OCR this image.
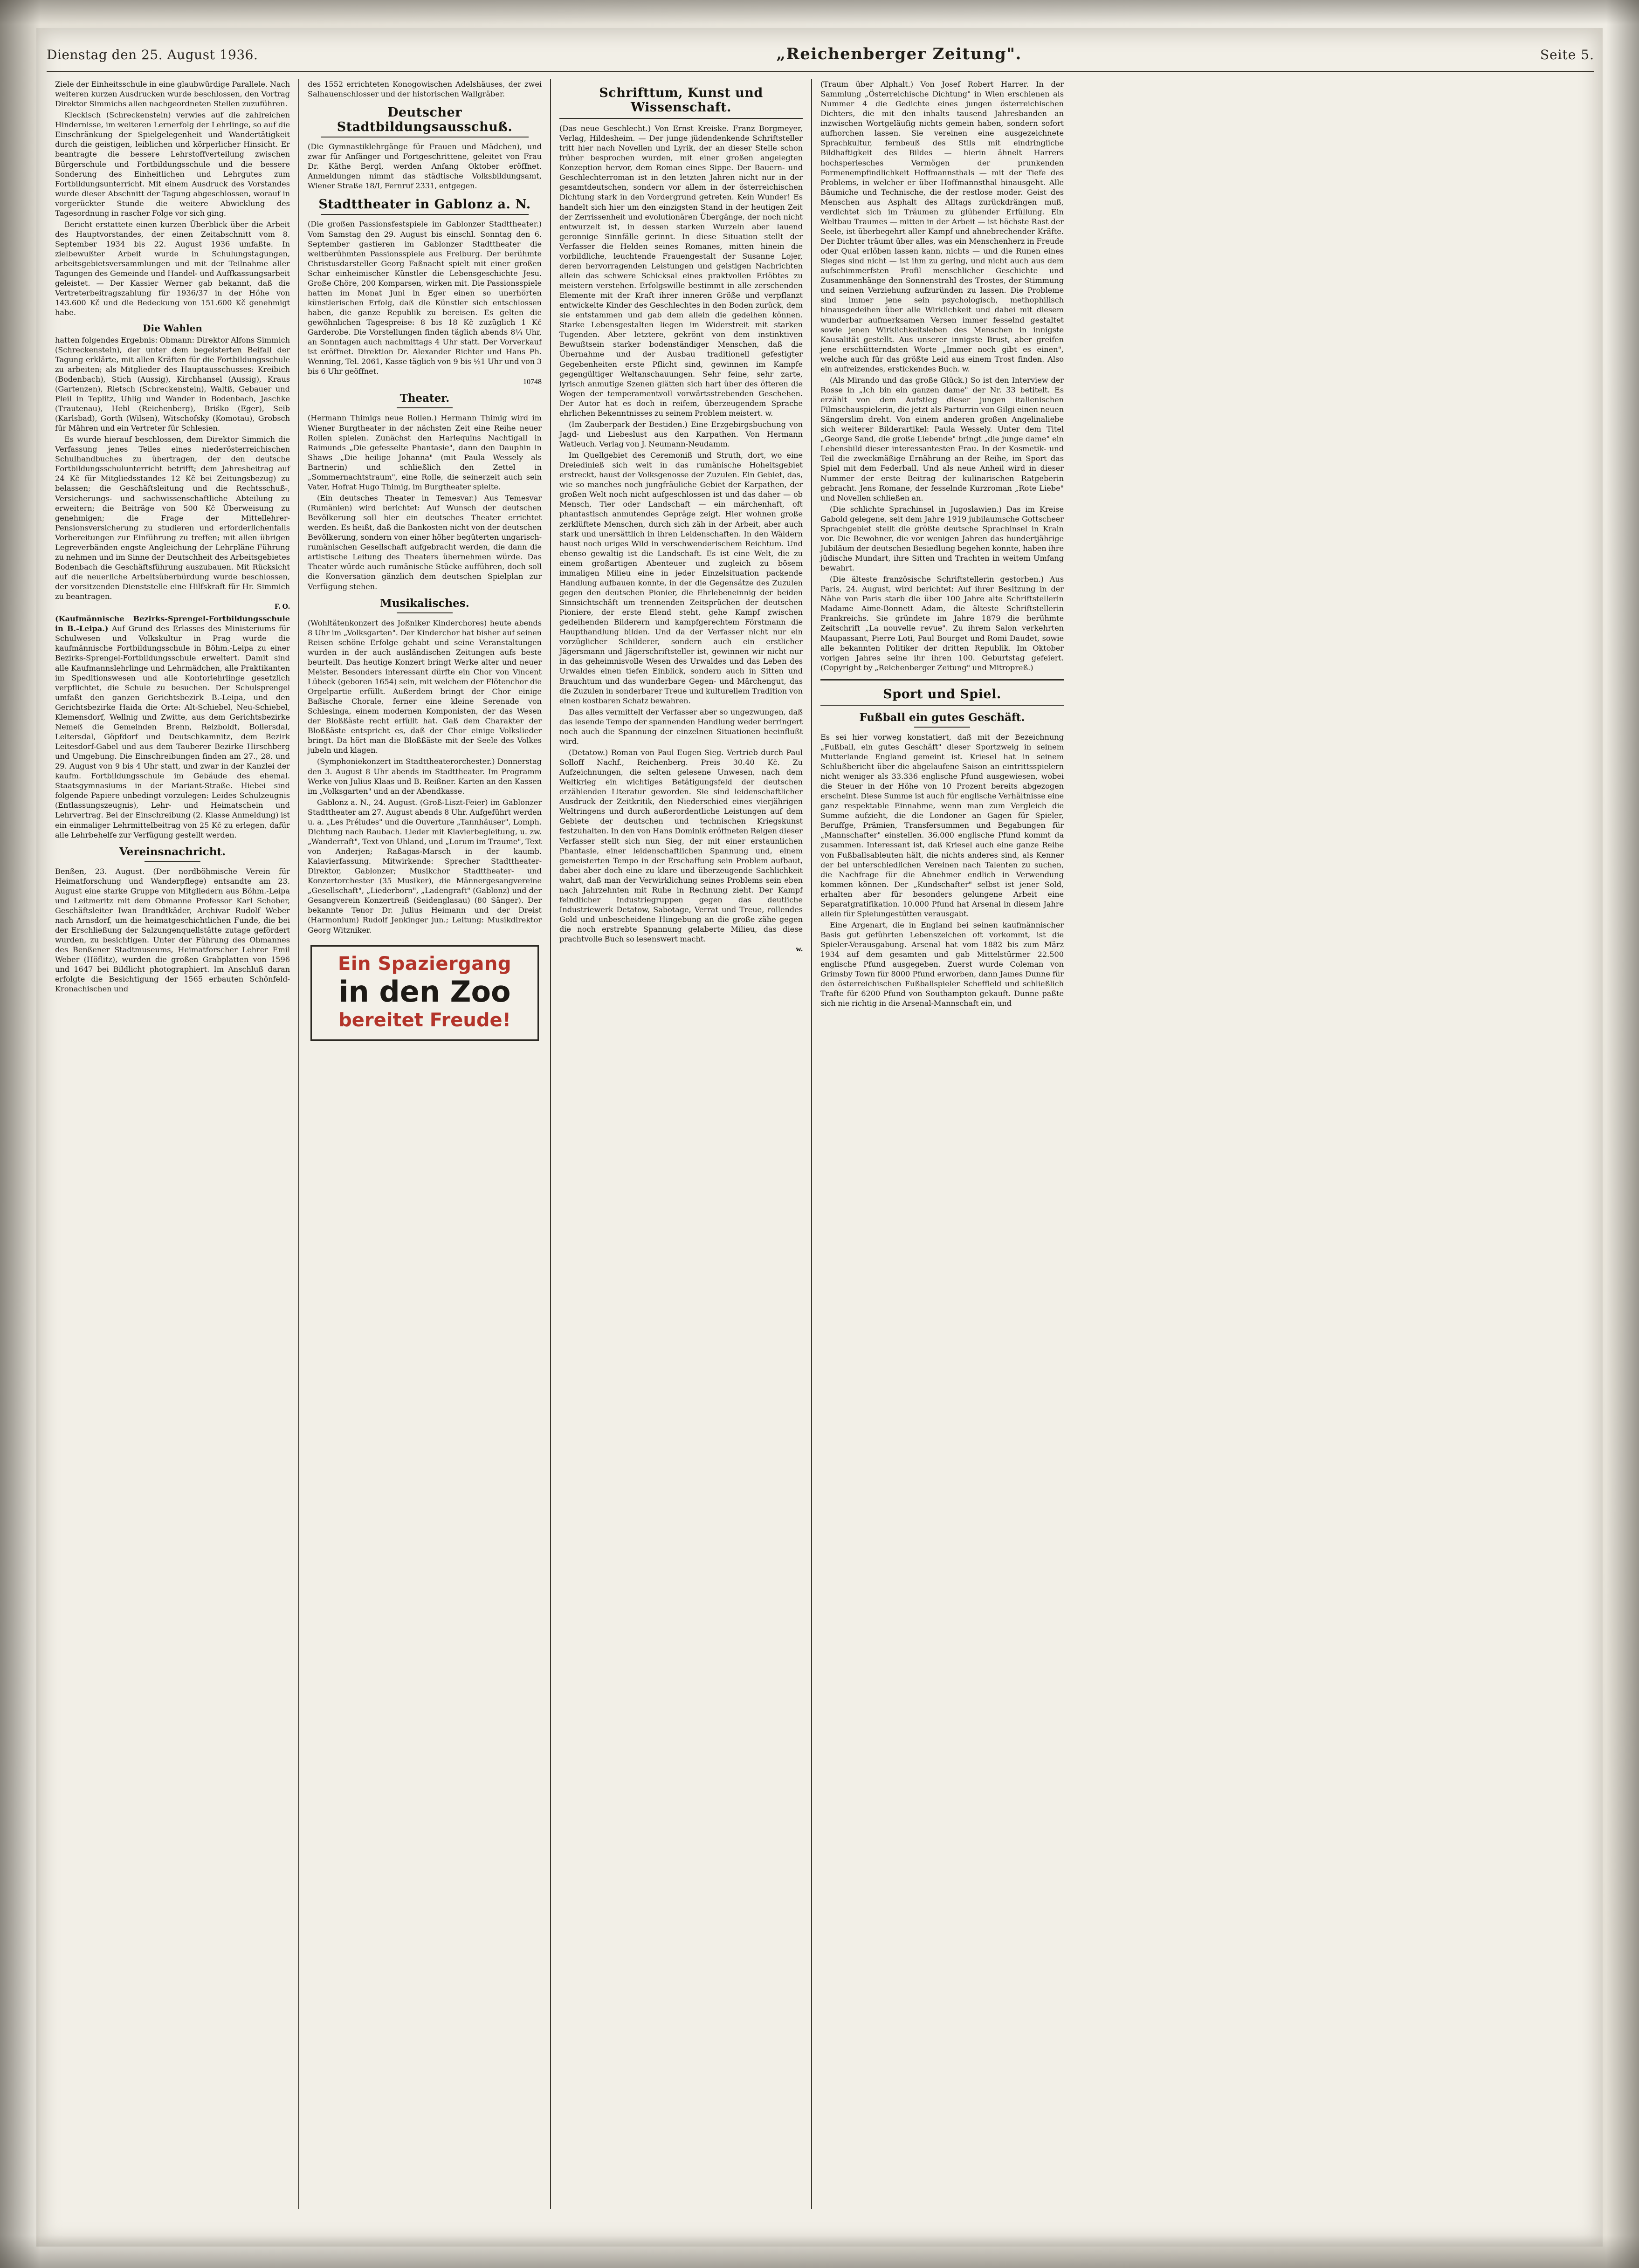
Dienstag den 25. August 1936.	„Reichenberger Zeitung".	Seite 5.

Ziele der Einheitsschule in eine glaubwürdige Parallele. Nach weiteren kurzen Ausdrucken wurde beschlossen, den Vortrag Direktor Simmichs allen nachgeordneten Stellen zuzuführen.

Kleckisch (Schreckenstein) verwies auf die zahlreichen Hindernisse, im weiteren Lernerfolg der Lehrlinge, so auf die Einschränkung der Spielgelegenheit und Wandertätigkeit durch die geistigen, leiblichen und körperlicher Hinsicht. Er beantragte die bessere Lehrstoffverteilung zwischen Bürgerschule und Fortbildungsschule und die bessere Sonderung des Einheitlichen und Lehrgutes zum Fortbildungsunterricht. Mit einem Ausdruck des Vorstandes wurde dieser Abschnitt der Tagung abgeschlossen, worauf in vorgerückter Stunde die weitere Abwicklung des Tagesordnung in rascher Folge vor sich ging.

Bericht erstattete einen kurzen Überblick über die Arbeit des Hauptvorstandes, der einen Zeitabschnitt vom 8. September 1934 bis 22. August 1936 umfaßte. In zielbewußter Arbeit wurde in Schulungstagungen, arbeitsgebietsversammlungen und mit der Teilnahme aller Tagungen des Gemeinde und Handel- und Auffkassungsarbeit geleistet. — Der Kassier Werner gab bekannt, daß die Vertreterbeitragszahlung für 1936/37 in der Höhe von 143.600 Kč und die Bedeckung von 151.600 Kč genehmigt habe.

Die Wahlen

hatten folgendes Ergebnis: Obmann: Direktor Alfons Simmich (Schreckenstein), der unter dem begeisterten Beifall der Tagung erklärte, mit allen Kräften für die Fortbildungsschule zu arbeiten; als Mitglieder des Hauptausschusses: Kreibich (Bodenbach), Stich (Aussig), Kirchhansel (Aussig), Kraus (Gartenzen), Rietsch (Schreckenstein), Waltß, Gebauer und Pleil in Teplitz, Uhlig und Wander in Bodenbach, Jaschke (Trautenau), Hebl (Reichenberg), Briśko (Eger), Seib (Karlsbad), Gorth (Wilsen), Witschofsky (Komotau), Grobsch für Mähren und ein Vertreter für Schlesien.

Es wurde hierauf beschlossen, dem Direktor Simmich die Verfassung jenes Teiles eines niederösterreichischen Schulhandbuches zu übertragen, der den deutsche Fortbildungsschulunterricht betrifft; dem Jahresbeitrag auf 24 Kč für Mitgliedsstandes 12 Kč bei Zeitungsbezug) zu belassen; die Geschäftsleitung und die Rechtsschuß-, Versicherungs- und sachwissenschaftliche Abteilung zu erweitern; die Beiträge von 500 Kč Überweisung zu genehmigen; die Frage der Mittellehrer-Pensionsversicherung zu studieren und erforderlichenfalls Vorbereitungen zur Einführung zu treffen; mit allen übrigen Legreverbänden engste Angleichung der Lehrpläne Führung zu nehmen und im Sinne der Deutschheit des Arbeitsgebietes Bodenbach die Geschäftsführung auszubauen. Mit Rücksicht auf die neuerliche Arbeitsüberbürdung wurde beschlossen, der vorsitzenden Dienststelle eine Hilfskraft für Hr. Simmich zu beantragen.

F. O.

(Kaufmännische Bezirks-Sprengel-Fortbildungsschule in B.-Leipa.) Auf Grund des Erlasses des Ministeriums für Schulwesen und Volkskultur in Prag wurde die kaufmännische Fortbildungsschule in Böhm.-Leipa zu einer Bezirks-Sprengel-Fortbildungsschule erweitert. Damit sind alle Kaufmannslehrlinge und Lehrmädchen, alle Praktikanten im Speditionswesen und alle Kontorlehrlinge gesetzlich verpflichtet, die Schule zu besuchen. Der Schulsprengel umfaßt den ganzen Gerichtsbezirk B.-Leipa, und den Gerichtsbezirke Haida die Orte: Alt-Schiebel, Neu-Schiebel, Klemensdorf, Wellnig und Zwitte, aus dem Gerichtsbezirke Nemeß die Gemeinden Brenn, Reizboldt, Bollersdal, Leitersdal, Göpfdorf und Deutschkamnitz, dem Bezirk Leitesdorf-Gabel und aus dem Tauberer Bezirke Hirschberg und Umgebung. Die Einschreibungen finden am 27., 28. und 29. August von 9 bis 4 Uhr statt, und zwar in der Kanzlei der kaufm. Fortbildungsschule im Gebäude des ehemal. Staatsgymnasiums in der Mariant-Straße. Hiebei sind folgende Papiere unbedingt vorzulegen: Leides Schulzeugnis (Entlassungszeugnis), Lehr- und Heimatschein und Lehrvertrag. Bei der Einschreibung (2. Klasse Anmeldung) ist ein einmaliger Lehrmittelbeitrag von 25 Kč zu erlegen, dafür alle Lehrbehelfe zur Verfügung gestellt werden.

Vereinsnachricht.

Benßen, 23. August. (Der nordböhmische Verein für Heimatforschung und Wanderpflege) entsandte am 23. August eine starke Gruppe von Mitgliedern aus Böhm.-Leipa und Leitmeritz mit dem Obmanne Professor Karl Schober, Geschäftsleiter Iwan Brandtkäder, Archivar Rudolf Weber nach Arnsdorf, um die heimatgeschichtlichen Funde, die bei der Erschließung der Salzungenquellstätte zutage gefördert wurden, zu besichtigen. Unter der Führung des Obmannes des Benßener Stadtmuseums, Heimatforscher Lehrer Emil Weber (Höflitz), wurden die großen Grabplatten von 1596 und 1647 bei Bildlicht photographiert. Im Anschluß daran erfolgte die Besichtigung der 1565 erbauten Schönfeld-Kronachischen und

des 1552 errichteten Konogowischen Adelshäuses, der zwei Salhauenschlosser und der historischen Wallgräber.

Deutscher Stadtbildungsausschuß.

(Die Gymnastiklehrgänge für Frauen und Mädchen), und zwar für Anfänger und Fortgeschrittene, geleitet von Frau Dr. Käthe Bergl, werden Anfang Oktober eröffnet. Anmeldungen nimmt das städtische Volksbildungsamt, Wiener Straße 18/I, Fernruf 2331, entgegen.

Stadttheater in Gablonz a. N.

(Die großen Passionsfestspiele im Gablonzer Stadttheater.) Vom Samstag den 29. August bis einschl. Sonntag den 6. September gastieren im Gablonzer Stadttheater die weltberühmten Passionsspiele aus Freiburg. Der berühmte Christusdarsteller Georg Faßnacht spielt mit einer großen Schar einheimischer Künstler die Lebensgeschichte Jesu. Große Chöre, 200 Komparsen, wirken mit. Die Passionsspiele hatten im Monat Juni in Eger einen so unerhörten künstlerischen Erfolg, daß die Künstler sich entschlossen haben, die ganze Republik zu bereisen. Es gelten die gewöhnlichen Tagespreise: 8 bis 18 Kč zuzüglich 1 Kč Garderobe. Die Vorstellungen finden täglich abends 8¼ Uhr, an Sonntagen auch nachmittags 4 Uhr statt. Der Vorverkauf ist eröffnet. Direktion Dr. Alexander Richter und Hans Ph. Wenning, Tel. 2061, Kasse täglich von 9 bis ½1 Uhr und von 3 bis 6 Uhr geöffnet.

10748
Theater.

(Hermann Thimigs neue Rollen.) Hermann Thimig wird im Wiener Burgtheater in der nächsten Zeit eine Reihe neuer Rollen spielen. Zunächst den Harlequins Nachtigall in Raimunds „Die gefesselte Phantasie", dann den Dauphin in Shaws „Die heilige Johanna" (mit Paula Wessely als Bartnerin) und schließlich den Zettel in „Sommernachtstraum", eine Rolle, die seinerzeit auch sein Vater, Hofrat Hugo Thimig, im Burgtheater spielte.

(Ein deutsches Theater in Temesvar.) Aus Temesvar (Rumänien) wird berichtet: Auf Wunsch der deutschen Bevölkerung soll hier ein deutsches Theater errichtet werden. Es heißt, daß die Bankosten nicht von der deutschen Bevölkerung, sondern von einer höher begüterten ungarisch-rumänischen Gesellschaft aufgebracht werden, die dann die artistische Leitung des Theaters übernehmen würde. Das Theater würde auch rumänische Stücke aufführen, doch soll die Konversation gänzlich dem deutschen Spielplan zur Verfügung stehen.

Musikalisches.

(Wohltätenkonzert des Joßniker Kinderchores) heute abends 8 Uhr im „Volksgarten". Der Kinderchor hat bisher auf seinen Reisen schöne Erfolge gehabt und seine Veranstaltungen wurden in der auch ausländischen Zeitungen aufs beste beurteilt. Das heutige Konzert bringt Werke alter und neuer Meister. Besonders interessant dürfte ein Chor von Vincent Lübeck (geboren 1654) sein, mit welchem der Flötenchor die Orgelpartie erfüllt. Außerdem bringt der Chor einige Baßische Chorale, ferner eine kleine Serenade von Schlesinga, einem modernen Komponisten, der das Wesen der Bloßßäste recht erfüllt hat. Gaß dem Charakter der Bloßßäste entspricht es, daß der Chor einige Volkslieder bringt. Da hört man die Bloßßäste mit der Seele des Volkes jubeln und klagen.

(Symphoniekonzert im Stadttheaterorchester.) Donnerstag den 3. August 8 Uhr abends im Stadttheater. Im Programm Werke von Julius Klaas und B. Reißner. Karten an den Kassen im „Volksgarten" und an der Abendkasse.

Gablonz a. N., 24. August. (Groß-Liszt-Feier) im Gablonzer Stadttheater am 27. August abends 8 Uhr. Aufgeführt werden u. a. „Les Préludes" und die Ouverture „Tannhäuser", Lomph. Dichtung nach Raubach. Lieder mit Klavierbegleitung, u. zw. „Wanderraft", Text von Uhland, und „Lorum im Traume", Text von Anderjen; Raßagas-Marsch in der kaumb. Kalavierfassung. Mitwirkende: Sprecher Stadttheater-Direktor, Gablonzer; Musikchor Stadttheater- und Konzertorchester (35 Musiker), die Männergesangvereine „Gesellschaft", „Liederborn", „Ladengraft" (Gablonz) und der Gesangverein Konzertreiß (Seidenglasau) (80 Sänger). Der bekannte Tenor Dr. Julius Heimann und der Dreist (Harmonium) Rudolf Jenkinger jun.; Leitung: Musikdirektor Georg Witzniker.

Ein Spaziergang
in den Zoo
bereitet Freude!
Schrifttum, Kunst und Wissenschaft.

(Das neue Geschlecht.) Von Ernst Kreiske. Franz Borgmeyer, Verlag, Hildesheim. — Der junge jüdendenkende Schriftsteller tritt hier nach Novellen und Lyrik, der an dieser Stelle schon früher besprochen wurden, mit einer großen angelegten Konzeption hervor, dem Roman eines Sippe. Der Bauern- und Geschlechterroman ist in den letzten Jahren nicht nur in der gesamtdeutschen, sondern vor allem in der österreichischen Dichtung stark in den Vordergrund getreten. Kein Wunder! Es handelt sich hier um den einzigsten Stand in der heutigen Zeit der Zerrissenheit und evolutionären Übergänge, der noch nicht entwurzelt ist, in dessen starken Wurzeln aber lauend geronnige Sinnfälle gerinnt. In diese Situation stellt der Verfasser die Helden seines Romanes, mitten hinein die vorbildliche, leuchtende Frauengestalt der Susanne Lojer, deren hervorragenden Leistungen und geistigen Nachrichten allein das schwere Schicksal eines praktvollen Erlöbtes zu meistern verstehen. Erfolgswille bestimmt in alle zerschenden Elemente mit der Kraft ihrer inneren Größe und verpflanzt entwickelte Kinder des Geschlechtes in den Boden zurück, dem sie entstammen und gab dem allein die gedeihen können. Starke Lebensgestalten liegen im Widerstreit mit starken Tugenden. Aber letztere, gekrönt von dem instinktiven Bewußtsein starker bodenständiger Menschen, daß die Übernahme und der Ausbau traditionell gefestigter Gegebenheiten erste Pflicht sind, gewinnen im Kampfe gegengültiger Weltanschauungen. Sehr feine, sehr zarte, lyrisch anmutige Szenen glätten sich hart über des öfteren die Wogen der temperamentvoll vorwärtsstrebenden Geschehen. Der Autor hat es doch in reifem, überzeugendem Sprache ehrlichen Bekenntnisses zu seinem Problem meistert. w.

(Im Zauberpark der Bestiden.) Eine Erzgebirgsbuchung von Jagd- und Liebeslust aus den Karpathen. Von Hermann Watleuch. Verlag von J. Neumann-Neudamm.

Im Quellgebiet des Ceremoniß und Struth, dort, wo eine Dreiedinieß sich weit in das rumänische Hoheitsgebiet erstreckt, haust der Volksgenosse der Zuzulen. Ein Gebiet, das, wie so manches noch jungfräuliche Gebiet der Karpathen, der großen Welt noch nicht aufgeschlossen ist und das daher — ob Mensch, Tier oder Landschaft — ein märchenhaft, oft phantastisch anmutendes Gepräge zeigt. Hier wohnen große zerklüftete Menschen, durch sich zäh in der Arbeit, aber auch stark und unersättlich in ihren Leidenschaften. In den Wäldern haust noch uriges Wild in verschwenderischem Reichtum. Und ebenso gewaltig ist die Landschaft. Es ist eine Welt, die zu einem großartigen Abenteuer und zugleich zu bösem immaligen Milieu eine in jeder Einzelsituation packende Handlung aufbauen konnte, in der die Gegensätze des Zuzulen gegen den deutschen Pionier, die Ehrlebeneinnig der beiden Sinnsichtschäft um trennenden Zeitsprüchen der deutschen Pioniere, der erste Elend steht, gehe Kampf zwischen gedeihenden Bilderern und kampfgerechtem Förstmann die Haupthandlung bilden. Und da der Verfasser nicht nur ein vorzüglicher Schilderer, sondern auch ein erstlicher Jägersmann und Jägerschriftsteller ist, gewinnen wir nicht nur in das geheimnisvolle Wesen des Urwaldes und das Leben des Urwaldes einen tiefen Einblick, sondern auch in Sitten und Brauchtum und das wunderbare Gegen- und Märchengut, das die Zuzulen in sonderbarer Treue und kulturellem Tradition von einen kostbaren Schatz bewahren.

Das alles vermittelt der Verfasser aber so ungezwungen, daß das lesende Tempo der spannenden Handlung weder berringert noch auch die Spannung der einzelnen Situationen beeinflußt wird.

(Detatow.) Roman von Paul Eugen Sieg. Vertrieb durch Paul Solloff Nachf., Reichenberg. Preis 30.40 Kč. Zu Aufzeichnungen, die selten gelesene Unwesen, nach dem Weltkrieg ein wichtiges Betätigungsfeld der deutschen erzählenden Literatur geworden. Sie sind leidenschaftlicher Ausdruck der Zeitkritik, den Niederschied eines vierjährigen Weltringens und durch außerordentliche Leistungen auf dem Gebiete der deutschen und technischen Kriegskunst festzuhalten. In den von Hans Dominik eröffneten Reigen dieser Verfasser stellt sich nun Sieg, der mit einer erstaunlichen Phantasie, einer leidenschaftlichen Spannung und, einem gemeisterten Tempo in der Erschaffung sein Problem aufbaut, dabei aber doch eine zu klare und überzeugende Sachlichkeit wahrt, daß man der Verwirklichung seines Problems sein eben nach Jahrzehnten mit Ruhe in Rechnung zieht. Der Kampf feindlicher Industriegruppen gegen das deutliche Industriewerk Detatow, Sabotage, Verrat und Treue, rollendes Gold und unbescheidene Hingebung an die große zähe gegen die noch erstrebte Spannung gelaberte Milieu, das diese prachtvolle Buch so lesenswert macht.

w.

(Traum über Alphalt.) Von Josef Robert Harrer. In der Sammlung „Österreichische Dichtung" in Wien erschienen als Nummer 4 die Gedichte eines jungen österreichischen Dichters, die mit den inhalts tausend Jahresbanden an inzwischen Wortgeläufig nichts gemein haben, sondern sofort aufhorchen lassen. Sie vereinen eine ausgezeichnete Sprachkultur, fernbeuß des Stils mit eindringliche Bildhaftigkeit des Bildes — hierin ähnelt Harrers hochsperiesches Vermögen der prunkenden Formenempfindlichkeit Hoffmannsthals — mit der Tiefe des Problems, in welcher er über Hoffmannsthal hinausgeht. Alle Bäumiche und Technische, die der restlose moder. Geist des Menschen aus Asphalt des Alltags zurückdrängen muß, verdichtet sich im Träumen zu glühender Erfüllung. Ein Weltbau Traumes — mitten in der Arbeit — ist höchste Rast der Seele, ist überbegehrt aller Kampf und ahnebrechender Kräfte. Der Dichter träumt über alles, was ein Menschenherz in Freude oder Qual erlöben lassen kann, nichts — und die Runen eines Sieges sind nicht — ist ihm zu gering, und nicht auch aus dem aufschimmerfsten Profil menschlicher Geschichte und Zusammenhänge den Sonnenstrahl des Trostes, der Stimmung und seinen Verziehung aufzuründen zu lassen. Die Probleme sind immer jene sein psychologisch, methophilisch hinausgedeihen über alle Wirklichkeit und dabei mit diesem wunderbar aufmerksamen Versen immer fesselnd gestaltet sowie jenen Wirklichkeitsleben des Menschen in innigste Kausalität gestellt. Aus unserer innigste Brust, aber greifen jene erschütterndsten Worte „Immer noch gibt es einen", welche auch für das größte Leid aus einem Trost finden. Also ein aufreizendes, erstickendes Buch. w.

(Als Mirando und das große Glück.) So ist den Interview der Rosse in „Ich bin ein ganzen dame" der Nr. 33 betitelt. Es erzählt von dem Aufstieg dieser jungen italienischen Filmschauspielerin, die jetzt als Parturrin von Gilgi einen neuen Sängerslim dreht. Von einem anderen großen Angelinaliebe sich weiterer Bilderartikel: Paula Wessely. Unter dem Titel „George Sand, die große Liebende" bringt „die junge dame" ein Lebensbild dieser interessantesten Frau. In der Kosmetik- und Teil die zweckmäßige Ernährung an der Reihe, im Sport das Spiel mit dem Federball. Und als neue Anheil wird in dieser Nummer der erste Beitrag der kulinarischen Ratgeberin gebracht. Jens Romane, der fesselnde Kurzroman „Rote Liebe" und Novellen schließen an.

(Die schlichte Sprachinsel in Jugoslawien.) Das im Kreise Gabold gelegene, seit dem Jahre 1919 jubilaumsche Gottscheer Sprachgebiet stellt die größte deutsche Sprachinsel in Krain vor. Die Bewohner, die vor wenigen Jahren das hundertjährige Jubiläum der deutschen Besiedlung begehen konnte, haben ihre jüdische Mundart, ihre Sitten und Trachten in weitem Umfang bewahrt.

(Die älteste französische Schriftstellerin gestorben.) Aus Paris, 24. August, wird berichtet: Auf ihrer Besitzung in der Nähe von Paris starb die über 100 Jahre alte Schriftstellerin Madame Aime-Bonnett Adam, die älteste Schriftstellerin Frankreichs. Sie gründete im Jahre 1879 die berühmte Zeitschrift „La nouvelle revue". Zu ihrem Salon verkehrten Maupassant, Pierre Loti, Paul Bourget und Romi Daudet, sowie alle bekannten Politiker der dritten Republik. Im Oktober vorigen Jahres seine ihr ihren 100. Geburtstag gefeiert. (Copyright by „Reichenberger Zeitung" und Mitropreß.)

Sport und Spiel.
Fußball ein gutes Geschäft.

Es sei hier vorweg konstatiert, daß mit der Bezeichnung „Fußball, ein gutes Geschäft" dieser Sportzweig in seinem Mutterlande England gemeint ist. Kriesel hat in seinem Schlußbericht über die abgelaufene Saison an eintrittsspielern nicht weniger als 33.336 englische Pfund ausgewiesen, wobei die Steuer in der Höhe von 10 Prozent bereits abgezogen erscheint. Diese Summe ist auch für englische Verhältnisse eine ganz respektable Einnahme, wenn man zum Vergleich die Summe aufzieht, die die Londoner an Gagen für Spieler, Beruffge, Prämien, Transfersummen und Begabungen für „Mannschafter" einstellen. 36.000 englische Pfund kommt da zusammen. Interessant ist, daß Kriesel auch eine ganze Reihe von Fußballsableuten hält, die nichts anderes sind, als Kenner der bei unterschiedlichen Vereinen nach Talenten zu suchen, die Nachfrage für die Abnehmer endlich in Verwendung kommen können. Der „Kundschafter" selbst ist jener Sold, erhalten aber für besonders gelungene Arbeit eine Separatgratifikation. 10.000 Pfund hat Arsenal in diesem Jahre allein für Spielungestütten verausgabt.

Eine Argenart, die in England bei seinen kaufmännischer Basis gut geführten Lebenszeichen oft vorkommt, ist die Spieler-Verausgabung. Arsenal hat vom 1882 bis zum März 1934 auf dem gesamten und gab Mittelstürmer 22.500 englische Pfund ausgegeben. Zuerst wurde Coleman von Grimsby Town für 8000 Pfund erworben, dann James Dunne für den österreichischen Fußballspieler Scheffield und schließlich Trafte für 6200 Pfund von Southampton gekauft. Dunne paßte sich nie richtig in die Arsenal-Mannschaft ein, und
